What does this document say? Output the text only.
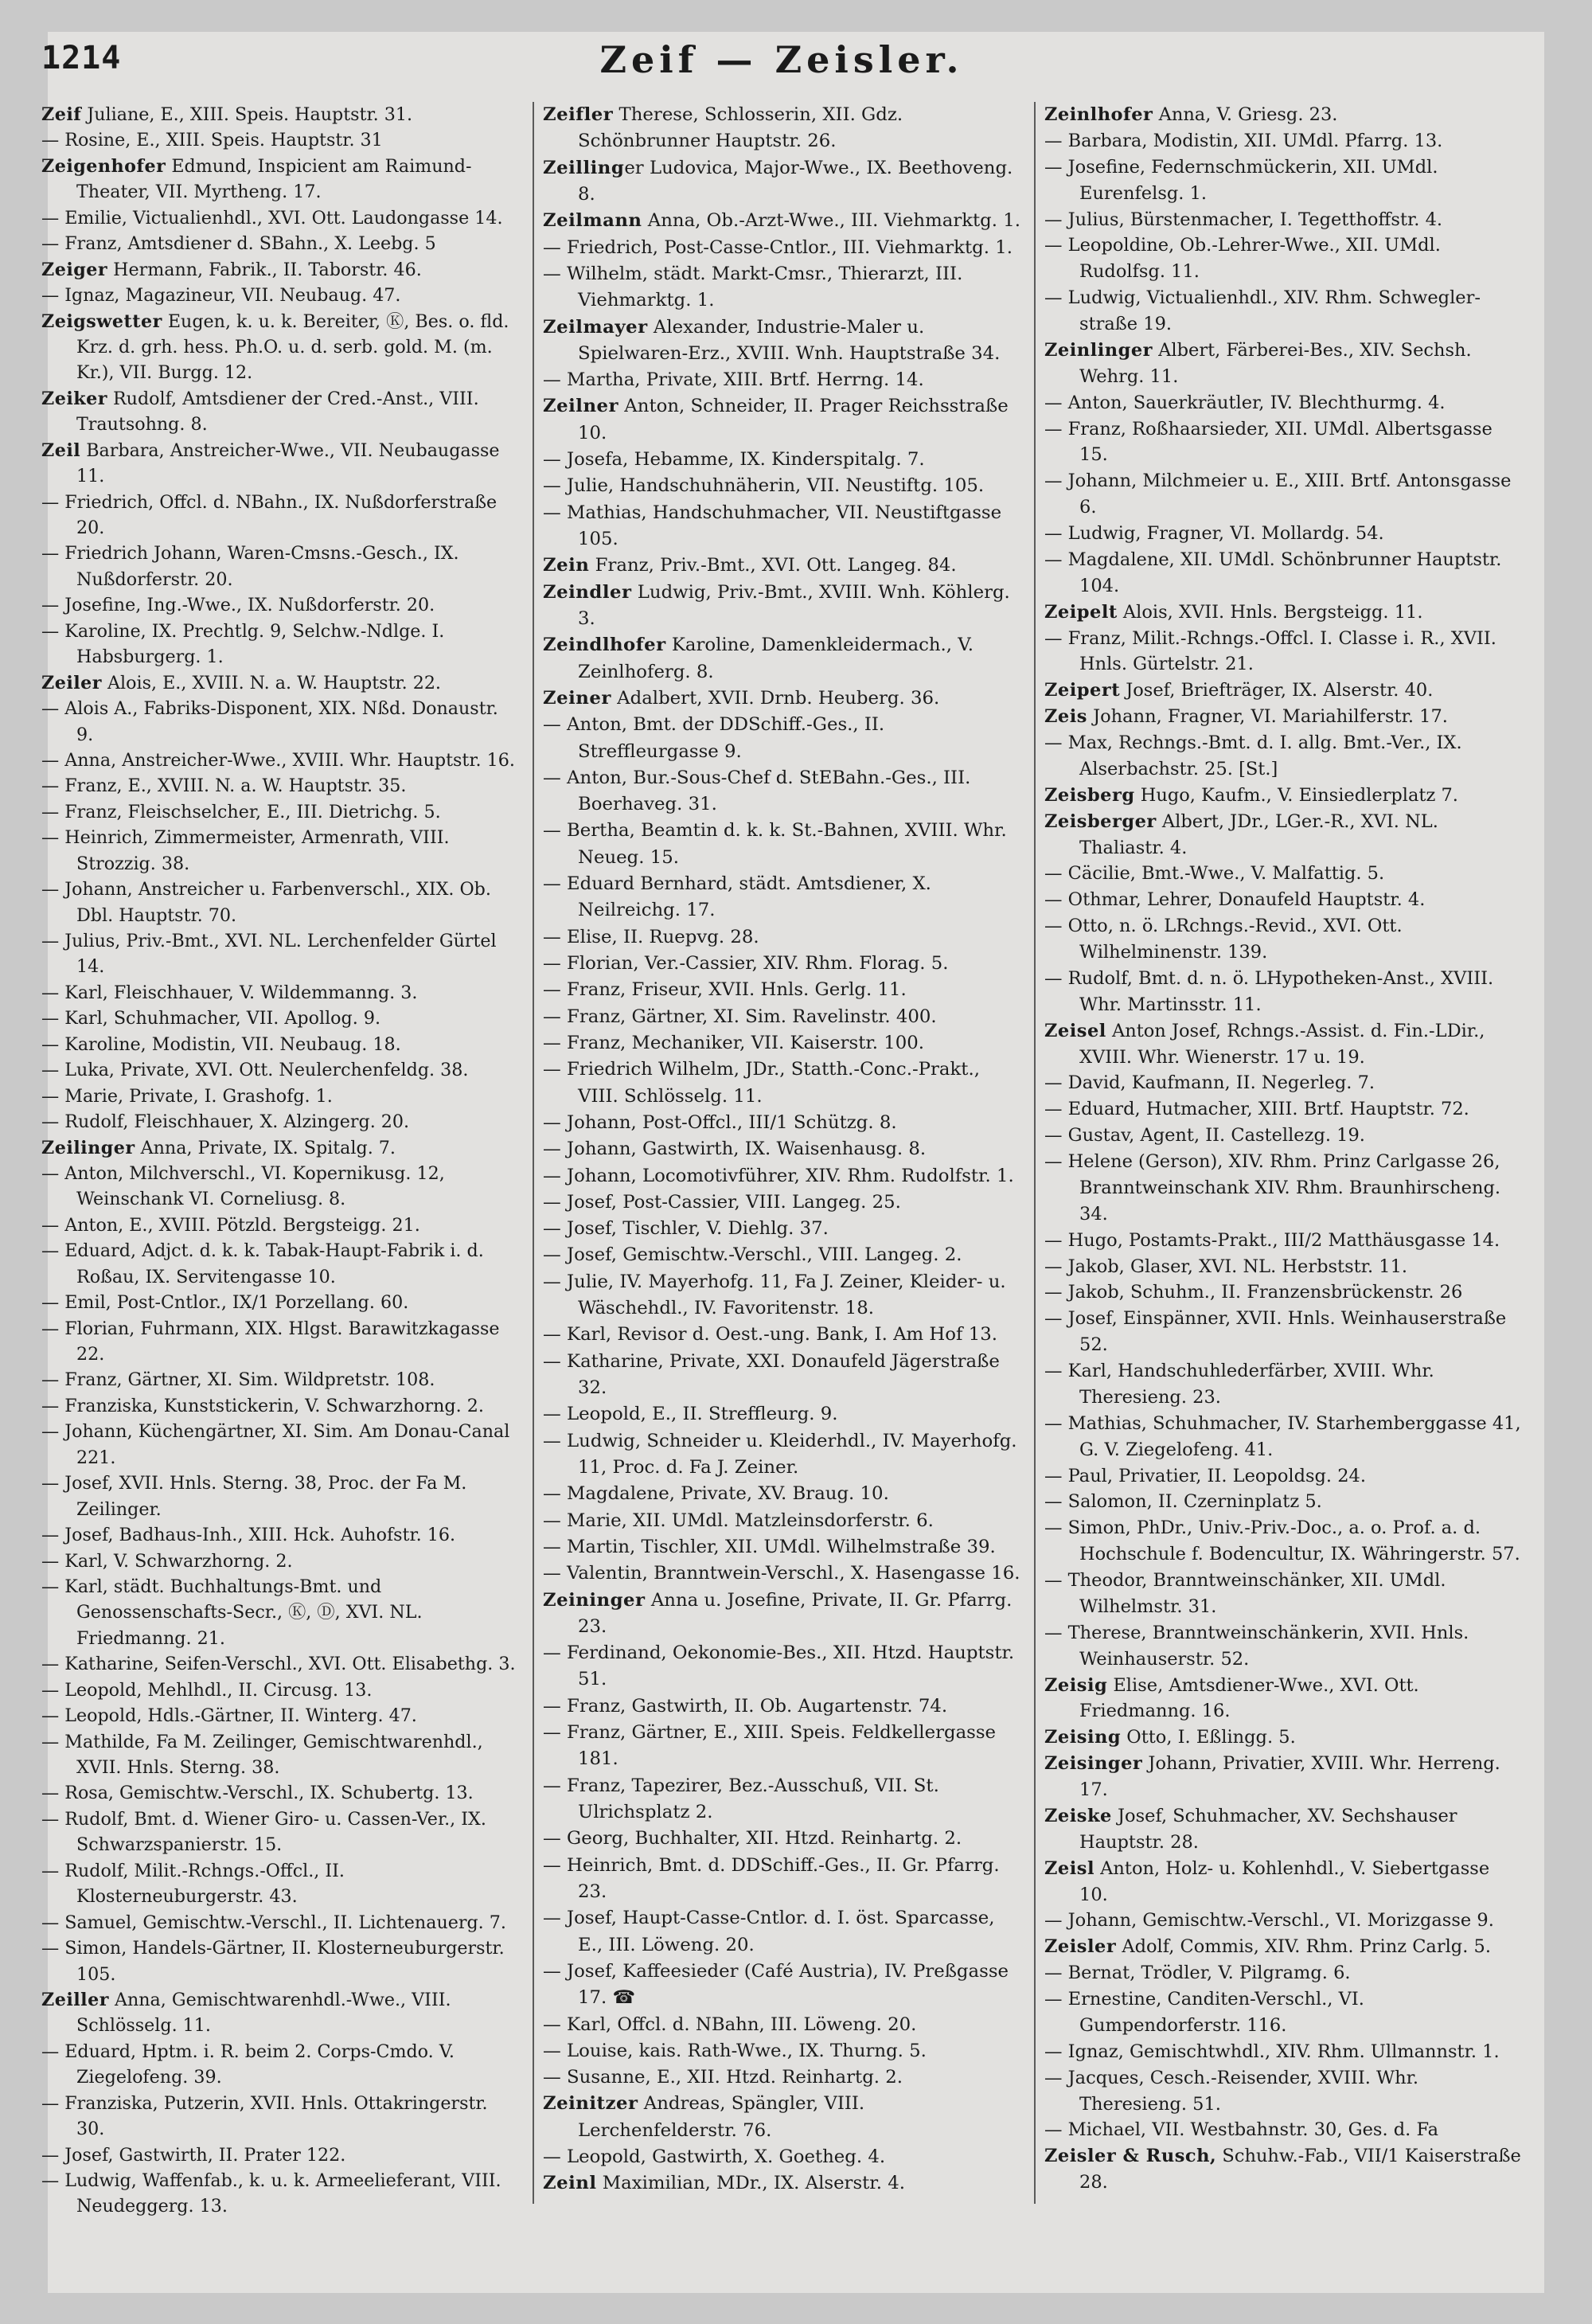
1214	Zeif — Zeisler.

Zeif Juliane, E., XIII. Speis. Hauptstr. 31.

— Rosine, E., XIII. Speis. Hauptstr. 31

Zeigenhofer Edmund, Inspicient am Raimund-Theater, VII. Myrtheng. 17.

— Emilie, Victualienhdl., XVI. Ott. Laudongasse 14.

— Franz, Amtsdiener d. SBahn., X. Leebg. 5

Zeiger Hermann, Fabrik., II. Taborstr. 46.

— Ignaz, Magazineur, VII. Neubaug. 47.

Zeigswetter Eugen, k. u. k. Bereiter, Ⓚ, Bes. o. fld. Krz. d. grh. hess. Ph.O. u. d. serb. gold. M. (m. Kr.), VII. Burgg. 12.

Zeiker Rudolf, Amtsdiener der Cred.-Anst., VIII. Trautsohng. 8.

Zeil Barbara, Anstreicher-Wwe., VII. Neubaugasse 11.

— Friedrich, Offcl. d. NBahn., IX. Nußdorferstraße 20.

— Friedrich Johann, Waren-Cmsns.-Gesch., IX. Nußdorferstr. 20.

— Josefine, Ing.-Wwe., IX. Nußdorferstr. 20.

— Karoline, IX. Prechtlg. 9, Selchw.-Ndlge. I. Habsburgerg. 1.

Zeiler Alois, E., XVIII. N. a. W. Hauptstr. 22.

— Alois A., Fabriks-Disponent, XIX. Nßd. Donaustr. 9.

— Anna, Anstreicher-Wwe., XVIII. Whr. Hauptstr. 16.

— Franz, E., XVIII. N. a. W. Hauptstr. 35.

— Franz, Fleischselcher, E., III. Dietrichg. 5.

— Heinrich, Zimmermeister, Armenrath, VIII. Strozzig. 38.

— Johann, Anstreicher u. Farbenverschl., XIX. Ob. Dbl. Hauptstr. 70.

— Julius, Priv.-Bmt., XVI. NL. Lerchenfelder Gürtel 14.

— Karl, Fleischhauer, V. Wildemmanng. 3.

— Karl, Schuhmacher, VII. Apollog. 9.

— Karoline, Modistin, VII. Neubaug. 18.

— Luka, Private, XVI. Ott. Neulerchenfeldg. 38.

— Marie, Private, I. Grashofg. 1.

— Rudolf, Fleischhauer, X. Alzingerg. 20.

Zeilinger Anna, Private, IX. Spitalg. 7.

— Anton, Milchverschl., VI. Kopernikusg. 12, Weinschank VI. Corneliusg. 8.

— Anton, E., XVIII. Pötzld. Bergsteigg. 21.

— Eduard, Adjct. d. k. k. Tabak-Haupt-Fabrik i. d. Roßau, IX. Servitengasse 10.

— Emil, Post-Cntlor., IX/1 Porzellang. 60.

— Florian, Fuhrmann, XIX. Hlgst. Barawitzkagasse 22.

— Franz, Gärtner, XI. Sim. Wildpretstr. 108.

— Franziska, Kunststickerin, V. Schwarzhorng. 2.

— Johann, Küchengärtner, XI. Sim. Am Donau-Canal 221.

— Josef, XVII. Hnls. Sterng. 38, Proc. der Fa M. Zeilinger.

— Josef, Badhaus-Inh., XIII. Hck. Auhofstr. 16.

— Karl, V. Schwarzhorng. 2.

— Karl, städt. Buchhaltungs-Bmt. und Genossenschafts-Secr., Ⓚ, Ⓓ, XVI. NL. Friedmanng. 21.

— Katharine, Seifen-Verschl., XVI. Ott. Elisabethg. 3.

— Leopold, Mehlhdl., II. Circusg. 13.

— Leopold, Hdls.-Gärtner, II. Winterg. 47.

— Mathilde, Fa M. Zeilinger, Gemischtwarenhdl., XVII. Hnls. Sterng. 38.

— Rosa, Gemischtw.-Verschl., IX. Schubertg. 13.

— Rudolf, Bmt. d. Wiener Giro- u. Cassen-Ver., IX. Schwarzspanierstr. 15.

— Rudolf, Milit.-Rchngs.-Offcl., II. Klosterneuburgerstr. 43.

— Samuel, Gemischtw.-Verschl., II. Lichtenauerg. 7.

— Simon, Handels-Gärtner, II. Klosterneuburgerstr. 105.

Zeiller Anna, Gemischtwarenhdl.-Wwe., VIII. Schlösselg. 11.

— Eduard, Hptm. i. R. beim 2. Corps-Cmdo. V. Ziegelofeng. 39.

— Franziska, Putzerin, XVII. Hnls. Ottakringerstr. 30.

— Josef, Gastwirth, II. Prater 122.

— Ludwig, Waffenfab., k. u. k. Armeelieferant, VIII. Neudeggerg. 13.

Zeifler Therese, Schlosserin, XII. Gdz. Schönbrunner Hauptstr. 26.

Zeillinger Ludovica, Major-Wwe., IX. Beethoveng. 8.

Zeilmann Anna, Ob.-Arzt-Wwe., III. Viehmarktg. 1.

— Friedrich, Post-Casse-Cntlor., III. Viehmarktg. 1.

— Wilhelm, städt. Markt-Cmsr., Thierarzt, III. Viehmarktg. 1.

Zeilmayer Alexander, Industrie-Maler u. Spielwaren-Erz., XVIII. Wnh. Hauptstraße 34.

— Martha, Private, XIII. Brtf. Herrng. 14.

Zeilner Anton, Schneider, II. Prager Reichsstraße 10.

— Josefa, Hebamme, IX. Kinderspitalg. 7.

— Julie, Handschuhnäherin, VII. Neustiftg. 105.

— Mathias, Handschuhmacher, VII. Neustiftgasse 105.

Zein Franz, Priv.-Bmt., XVI. Ott. Langeg. 84.

Zeindler Ludwig, Priv.-Bmt., XVIII. Wnh. Köhlerg. 3.

Zeindlhofer Karoline, Damenkleidermach., V. Zeinlhoferg. 8.

Zeiner Adalbert, XVII. Drnb. Heuberg. 36.

— Anton, Bmt. der DDSchiff.-Ges., II. Streffleurgasse 9.

— Anton, Bur.-Sous-Chef d. StEBahn.-Ges., III. Boerhaveg. 31.

— Bertha, Beamtin d. k. k. St.-Bahnen, XVIII. Whr. Neueg. 15.

— Eduard Bernhard, städt. Amtsdiener, X. Neilreichg. 17.

— Elise, II. Ruepvg. 28.

— Florian, Ver.-Cassier, XIV. Rhm. Florag. 5.

— Franz, Friseur, XVII. Hnls. Gerlg. 11.

— Franz, Gärtner, XI. Sim. Ravelinstr. 400.

— Franz, Mechaniker, VII. Kaiserstr. 100.

— Friedrich Wilhelm, JDr., Statth.-Conc.-Prakt., VIII. Schlösselg. 11.

— Johann, Post-Offcl., III/1 Schützg. 8.

— Johann, Gastwirth, IX. Waisenhausg. 8.

— Johann, Locomotivführer, XIV. Rhm. Rudolfstr. 1.

— Josef, Post-Cassier, VIII. Langeg. 25.

— Josef, Tischler, V. Diehlg. 37.

— Josef, Gemischtw.-Verschl., VIII. Langeg. 2.

— Julie, IV. Mayerhofg. 11, Fa J. Zeiner, Kleider- u. Wäschehdl., IV. Favoritenstr. 18.

— Karl, Revisor d. Oest.-ung. Bank, I. Am Hof 13.

— Katharine, Private, XXI. Donaufeld Jägerstraße 32.

— Leopold, E., II. Streffleurg. 9.

— Ludwig, Schneider u. Kleiderhdl., IV. Mayerhofg. 11, Proc. d. Fa J. Zeiner.

— Magdalene, Private, XV. Braug. 10.

— Marie, XII. UMdl. Matzleinsdorferstr. 6.

— Martin, Tischler, XII. UMdl. Wilhelmstraße 39.

— Valentin, Branntwein-Verschl., X. Hasengasse 16.

Zeininger Anna u. Josefine, Private, II. Gr. Pfarrg. 23.

— Ferdinand, Oekonomie-Bes., XII. Htzd. Hauptstr. 51.

— Franz, Gastwirth, II. Ob. Augartenstr. 74.

— Franz, Gärtner, E., XIII. Speis. Feldkellergasse 181.

— Franz, Tapezirer, Bez.-Ausschuß, VII. St. Ulrichsplatz 2.

— Georg, Buchhalter, XII. Htzd. Reinhartg. 2.

— Heinrich, Bmt. d. DDSchiff.-Ges., II. Gr. Pfarrg. 23.

— Josef, Haupt-Casse-Cntlor. d. I. öst. Sparcasse, E., III. Löweng. 20.

— Josef, Kaffeesieder (Café Austria), IV. Preßgasse 17. ☎

— Karl, Offcl. d. NBahn, III. Löweng. 20.

— Louise, kais. Rath-Wwe., IX. Thurng. 5.

— Susanne, E., XII. Htzd. Reinhartg. 2.

Zeinitzer Andreas, Spängler, VIII. Lerchenfelderstr. 76.

— Leopold, Gastwirth, X. Goetheg. 4.

Zeinl Maximilian, MDr., IX. Alserstr. 4.

Zeinlhofer Anna, V. Griesg. 23.

— Barbara, Modistin, XII. UMdl. Pfarrg. 13.

— Josefine, Federnschmückerin, XII. UMdl. Eurenfelsg. 1.

— Julius, Bürstenmacher, I. Tegetthoffstr. 4.

— Leopoldine, Ob.-Lehrer-Wwe., XII. UMdl. Rudolfsg. 11.

— Ludwig, Victualienhdl., XIV. Rhm. Schwegler-straße 19.

Zeinlinger Albert, Färberei-Bes., XIV. Sechsh. Wehrg. 11.

— Anton, Sauerkräutler, IV. Blechthurmg. 4.

— Franz, Roßhaarsieder, XII. UMdl. Albertsgasse 15.

— Johann, Milchmeier u. E., XIII. Brtf. Antonsgasse 6.

— Ludwig, Fragner, VI. Mollardg. 54.

— Magdalene, XII. UMdl. Schönbrunner Hauptstr. 104.

Zeipelt Alois, XVII. Hnls. Bergsteigg. 11.

— Franz, Milit.-Rchngs.-Offcl. I. Classe i. R., XVII. Hnls. Gürtelstr. 21.

Zeipert Josef, Briefträger, IX. Alserstr. 40.

Zeis Johann, Fragner, VI. Mariahilferstr. 17.

— Max, Rechngs.-Bmt. d. I. allg. Bmt.-Ver., IX. Alserbachstr. 25. [St.]

Zeisberg Hugo, Kaufm., V. Einsiedlerplatz 7.

Zeisberger Albert, JDr., LGer.-R., XVI. NL. Thaliastr. 4.

— Cäcilie, Bmt.-Wwe., V. Malfattig. 5.

— Othmar, Lehrer, Donaufeld Hauptstr. 4.

— Otto, n. ö. LRchngs.-Revid., XVI. Ott. Wilhelminenstr. 139.

— Rudolf, Bmt. d. n. ö. LHypotheken-Anst., XVIII. Whr. Martinsstr. 11.

Zeisel Anton Josef, Rchngs.-Assist. d. Fin.-LDir., XVIII. Whr. Wienerstr. 17 u. 19.

— David, Kaufmann, II. Negerleg. 7.

— Eduard, Hutmacher, XIII. Brtf. Hauptstr. 72.

— Gustav, Agent, II. Castellezg. 19.

— Helene (Gerson), XIV. Rhm. Prinz Carlgasse 26, Branntweinschank XIV. Rhm. Braunhirscheng. 34.

— Hugo, Postamts-Prakt., III/2 Matthäusgasse 14.

— Jakob, Glaser, XVI. NL. Herbststr. 11.

— Jakob, Schuhm., II. Franzensbrückenstr. 26

— Josef, Einspänner, XVII. Hnls. Weinhauserstraße 52.

— Karl, Handschuhlederfärber, XVIII. Whr. Theresieng. 23.

— Mathias, Schuhmacher, IV. Starhemberggasse 41, G. V. Ziegelofeng. 41.

— Paul, Privatier, II. Leopoldsg. 24.

— Salomon, II. Czerninplatz 5.

— Simon, PhDr., Univ.-Priv.-Doc., a. o. Prof. a. d. Hochschule f. Bodencultur, IX. Währingerstr. 57.

— Theodor, Branntweinschänker, XII. UMdl. Wilhelmstr. 31.

— Therese, Branntweinschänkerin, XVII. Hnls. Weinhauserstr. 52.

Zeisig Elise, Amtsdiener-Wwe., XVI. Ott. Friedmanng. 16.

Zeising Otto, I. Eßlingg. 5.

Zeisinger Johann, Privatier, XVIII. Whr. Herreng. 17.

Zeiske Josef, Schuhmacher, XV. Sechshauser Hauptstr. 28.

Zeisl Anton, Holz- u. Kohlenhdl., V. Siebertgasse 10.

— Johann, Gemischtw.-Verschl., VI. Morizgasse 9.

Zeisler Adolf, Commis, XIV. Rhm. Prinz Carlg. 5.

— Bernat, Trödler, V. Pilgramg. 6.

— Ernestine, Canditen-Verschl., VI. Gumpendorferstr. 116.

— Ignaz, Gemischtwhdl., XIV. Rhm. Ullmannstr. 1.

— Jacques, Cesch.-Reisender, XVIII. Whr. Theresieng. 51.

— Michael, VII. Westbahnstr. 30, Ges. d. Fa

Zeisler & Rusch, Schuhw.-Fab., VII/1 Kaiserstraße 28.
